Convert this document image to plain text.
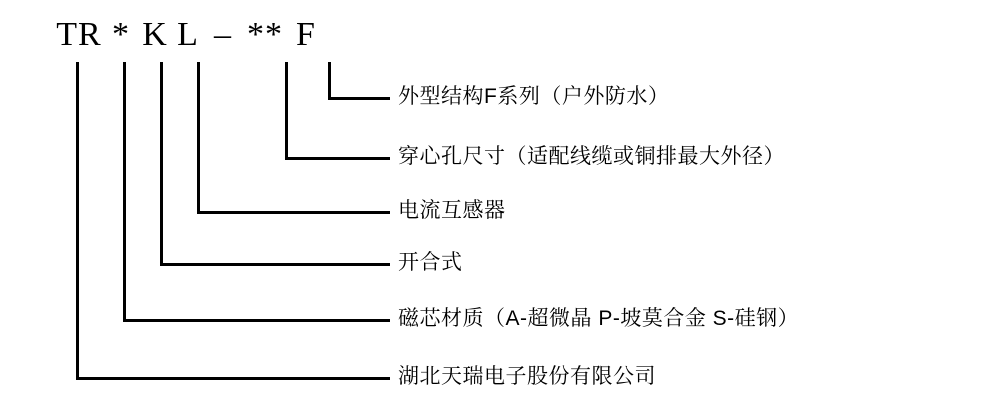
TR * K L – ** F
外型结构F系列（户外防水）
穿心孔尺寸（适配线缆或铜排最大外径）
电流互感器
开合式
磁芯材质（A-超微晶 P-坡莫合金 S-硅钢）
湖北天瑞电子股份有限公司
